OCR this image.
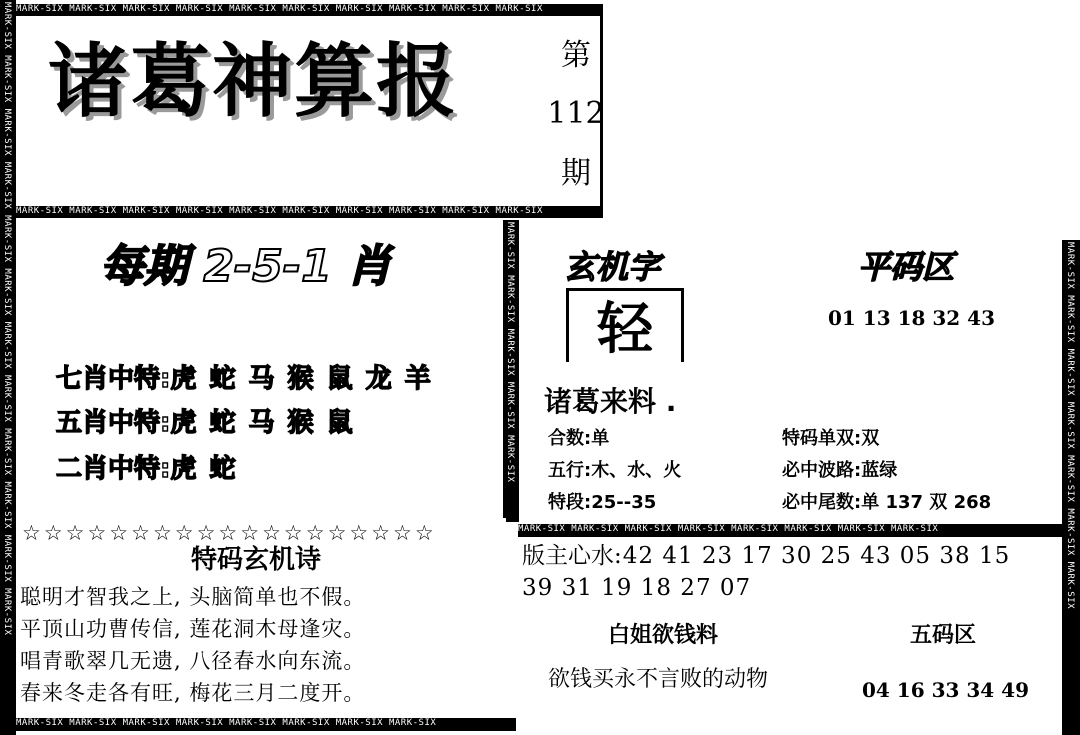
MARK-SIX MARK-SIX MARK-SIX MARK-SIX MARK-SIX MARK-SIX MARK-SIX MARK-SIX MARK-SIX MARK-SIX MARK-SIX MARK-SIX
MARK-SIX MARK-SIX MARK-SIX MARK-SIX MARK-SIX MARK-SIX MARK-SIX MARK-SIX MARK-SIX MARK-SIX
MARK-SIX MARK-SIX MARK-SIX MARK-SIX MARK-SIX MARK-SIX MARK-SIX MARK-SIX MARK-SIX MARK-SIX
诸葛神算报	第
112
期
每期 2-5-1 肖
七肖中特:虎 蛇 马 猴 鼠 龙 羊
五肖中特:虎 蛇 马 猴 鼠
二肖中特:虎 蛇
MARK-SIX MARK-SIX MARK-SIX MARK-SIX MARK-SIX
玄机字	平码区
轻	01 13 18 32 43
诸葛来料 .
合数:单	特码单双:双
五行:木、水、火	必中波路:蓝绿
特段:25--35	必中尾数:单 137 双 268
MARK-SIX MARK-SIX MARK-SIX MARK-SIX MARK-SIX MARK-SIX MARK-SIX
☆☆☆☆☆☆☆☆☆☆☆☆☆☆☆☆☆☆☆
特码玄机诗
聪明才智我之上, 头脑简单也不假。
平顶山功曹传信, 莲花洞木母逢灾。
唱青歌翠几无遗, 八径春水向东流。
春来冬走各有旺, 梅花三月二度开。
MARK-SIX MARK-SIX MARK-SIX MARK-SIX MARK-SIX MARK-SIX MARK-SIX MARK-SIX
MARK-SIX MARK-SIX MARK-SIX MARK-SIX MARK-SIX MARK-SIX MARK-SIX MARK-SIX
版主心水:42 41 23 17 30 25 43 05 38 15
39 31 19 18 27 07
白姐欲钱料	五码区
欲钱买永不言败的动物	04 16 33 34 49
